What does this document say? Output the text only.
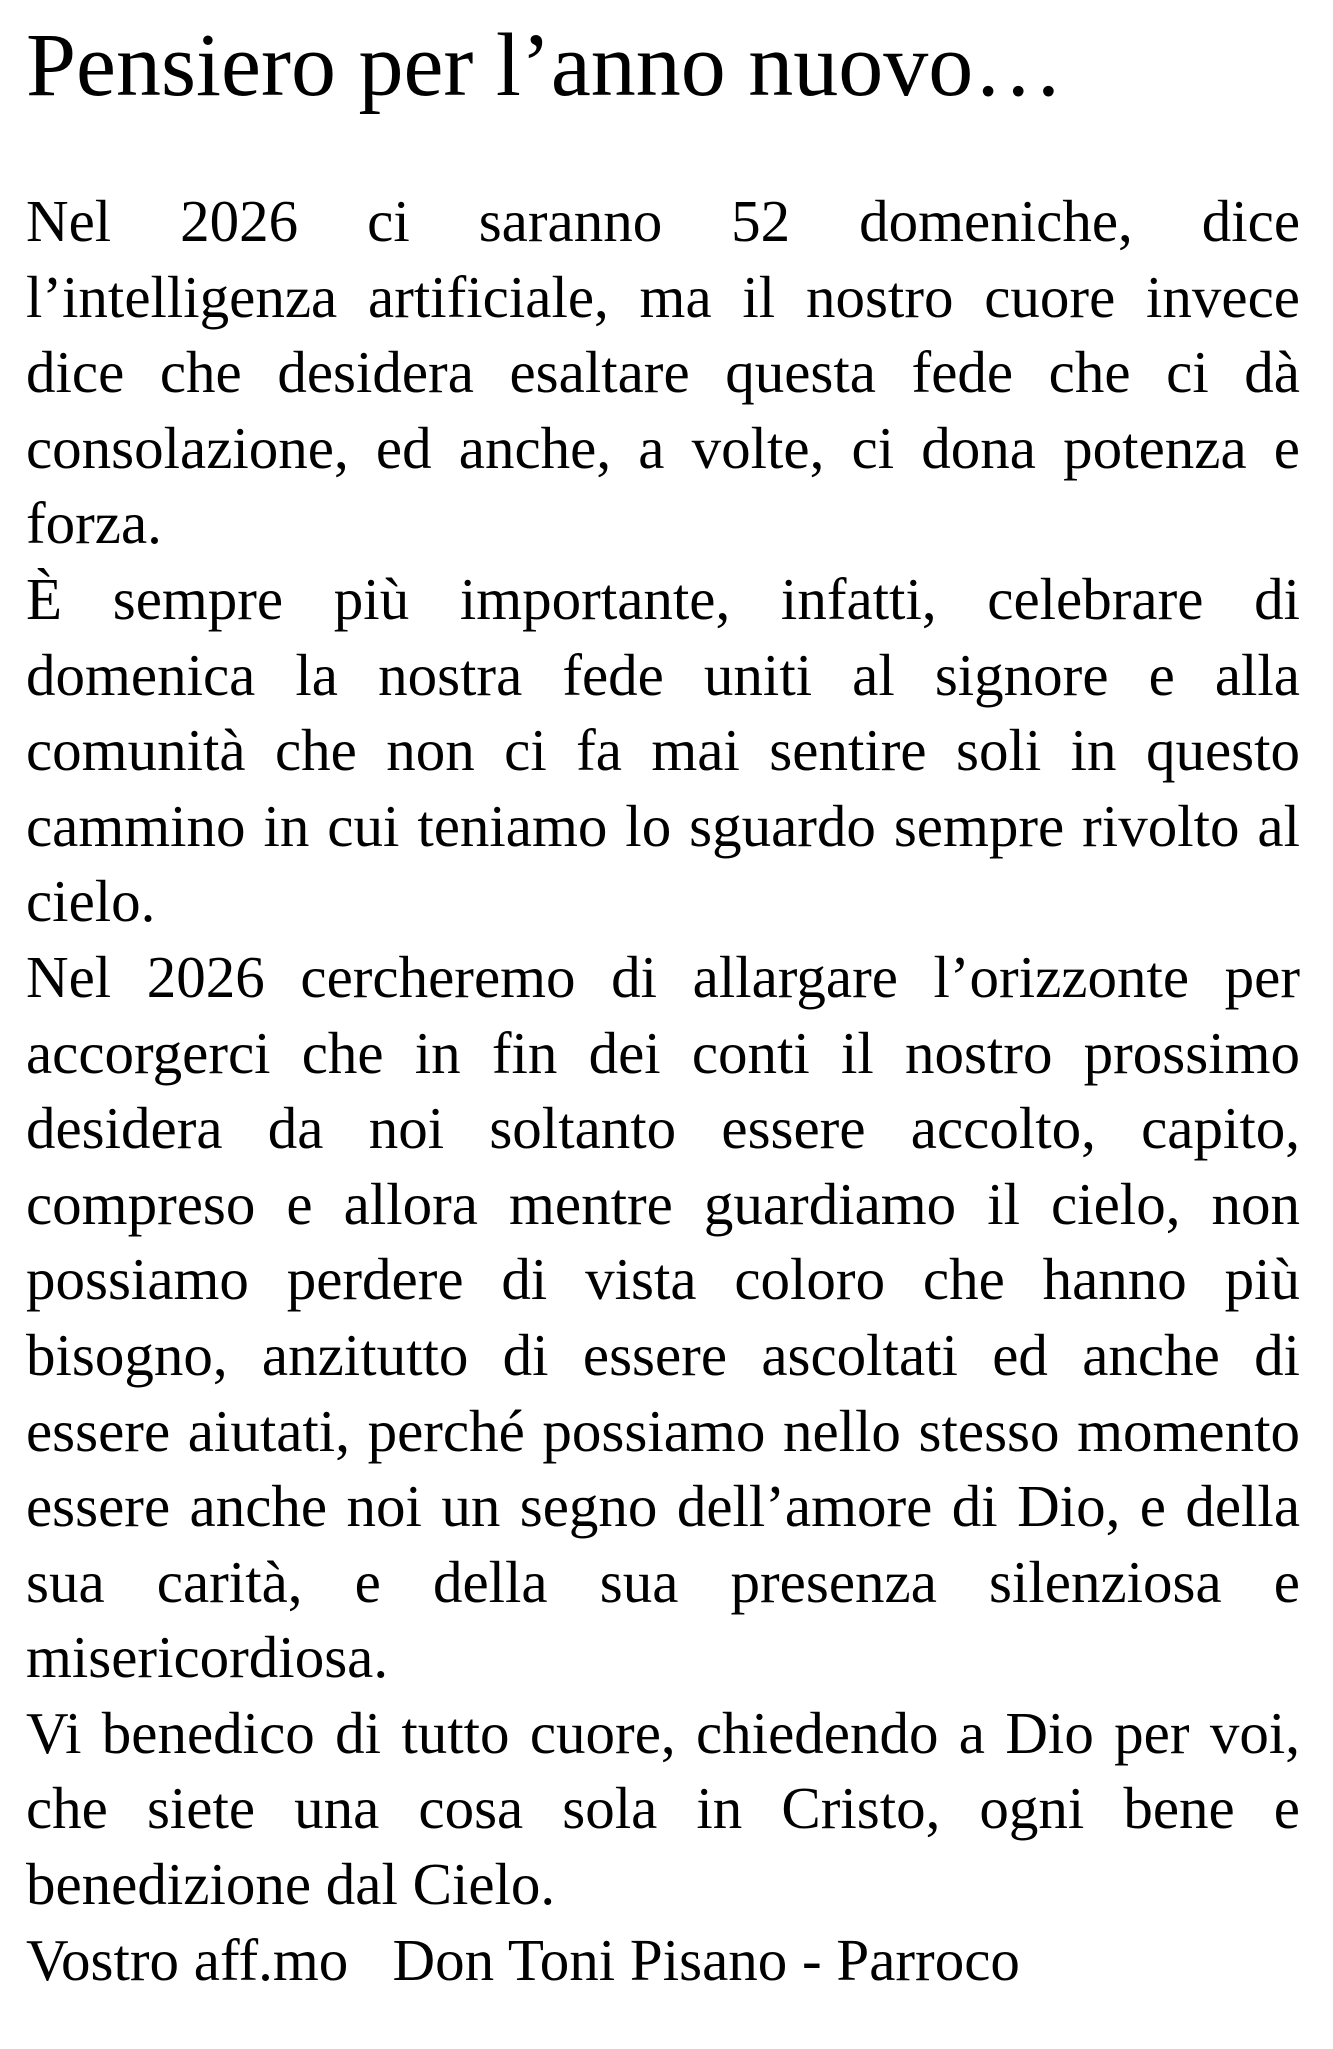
Pensiero per l’anno nuovo…

Nel 2026 ci saranno 52 domeniche, dice l’intelligenza artificiale, ma il nostro cuore invece dice che desidera esaltare questa fede che ci dà consolazione, ed anche, a volte, ci dona potenza e forza.

È sempre più importante, infatti, celebrare di domenica la nostra fede uniti al signore e alla comunità che non ci fa mai sentire soli in questo cammino in cui teniamo lo sguardo sempre rivolto al cielo.

Nel 2026 cercheremo di allargare l’orizzonte per accorgerci che in fin dei conti il nostro prossimo desidera da noi soltanto essere accolto, capito, compreso e allora mentre guardiamo il cielo, non possiamo perdere di vista coloro che hanno più bisogno, anzitutto di essere ascoltati ed anche di essere aiutati, perché possiamo nello stesso momento essere anche noi un segno dell’amore di Dio, e della sua carità, e della sua presenza silenziosa e misericordiosa.

Vi benedico di tutto cuore, chiedendo a Dio per voi, che siete una cosa sola in Cristo, ogni bene e benedizione dal Cielo.

Vostro aff.mo   Don Toni Pisano - Parroco
